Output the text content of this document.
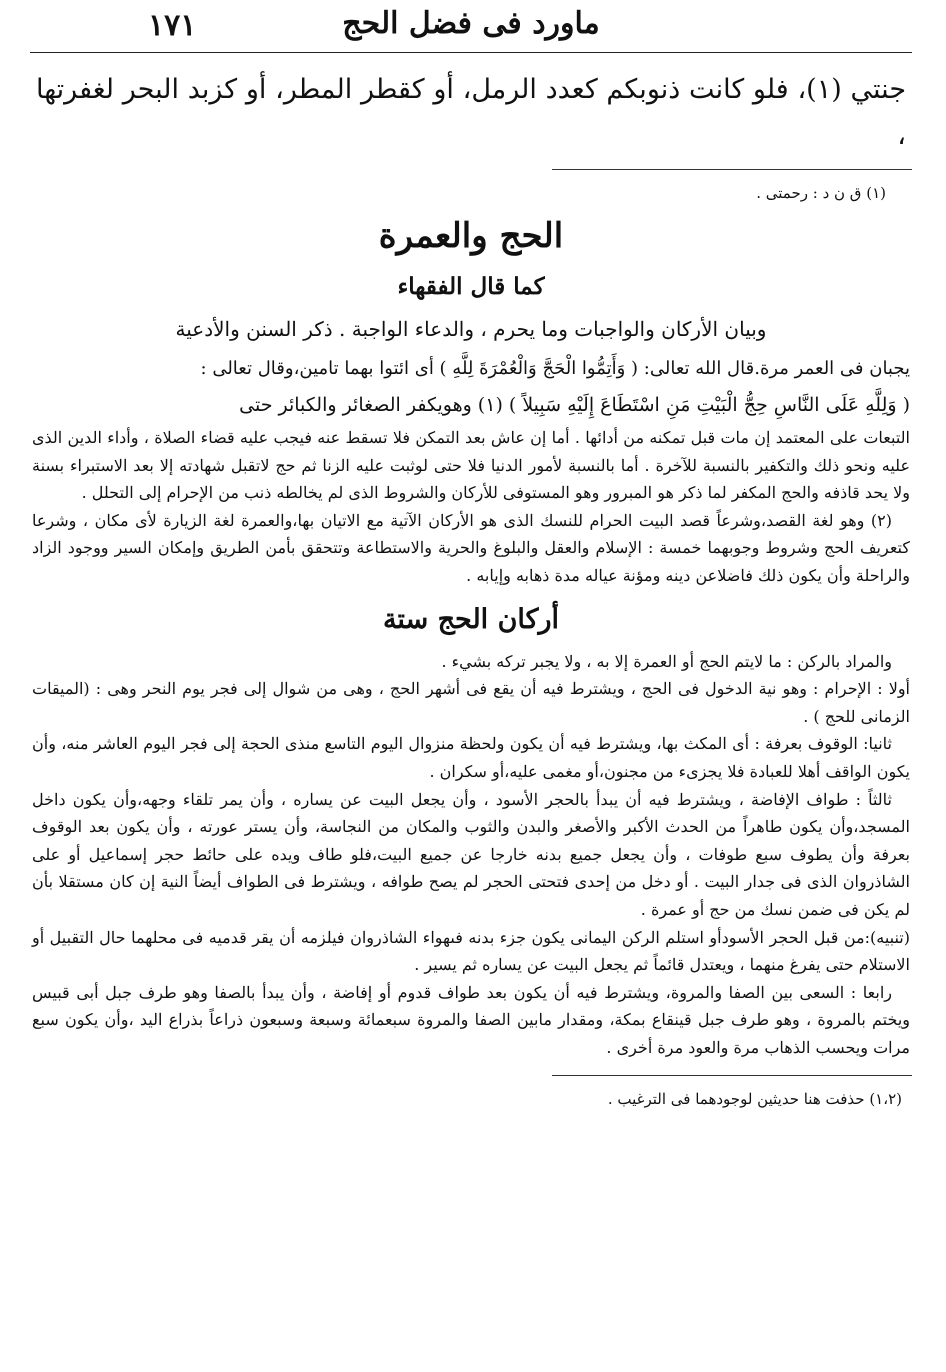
١٧١	ماورد فى فضل الحج
جنتي (١)، فلو كانت ذنوبكم كعدد الرمل، أو كقطر المطر، أو كزبد البحر لغفرتها ،
(١) ق ن د : رحمتى .
الحج والعمرة
كما قال الفقهاء
وبيان الأركان والواجبات وما يحرم ، والدعاء الواجبة . ذكر السنن والأدعية

يجبان فى العمر مرة.قال الله تعالى: ( وَأَتِمُّوا الْحَجَّ وَالْعُمْرَةَ لِلَّهِ ) أى ائتوا بهما تامين،وقال تعالى :

( وَلِلَّهِ عَلَى النَّاسِ حِجُّ الْبَيْتِ مَنِ اسْتَطَاعَ إِلَيْهِ سَبِيلاً ) (١) وهويكفر الصغائر والكبائر حتى

التبعات على المعتمد إن مات قبل تمكنه من أدائها . أما إن عاش بعد التمكن فلا تسقط عنه فيجب عليه قضاء الصلاة ، وأداء الدين الذى عليه ونحو ذلك والتكفير بالنسبة للآخرة . أما بالنسبة لأمور الدنيا فلا حتى لوثبت عليه الزنا ثم حج لاتقبل شهادته إلا بعد الاستبراء بسنة ولا يحد قاذفه والحج المكفر لما ذكر هو المبرور وهو المستوفى للأركان والشروط الذى لم يخالطه ذنب من الإحرام إلى التحلل .

(٢) وهو لغة القصد،وشرعاً قصد البيت الحرام للنسك الذى هو الأركان الآتية مع الاتيان بها،والعمرة لغة الزيارة لأى مكان ، وشرعا كتعريف الحج وشروط وجوبهما خمسة : الإسلام والعقل والبلوغ والحرية والاستطاعة وتتحقق بأمن الطريق وإمكان السير ووجود الزاد والراحلة وأن يكون ذلك فاضلاعن دينه ومؤنة عياله مدة ذهابه وإيابه .

أركان الحج ستة

والمراد بالركن : ما لايتم الحج أو العمرة إلا به ، ولا يجبر تركه بشيء .

أولا : الإحرام : وهو نية الدخول فى الحج ، ويشترط فيه أن يقع فى أشهر الحج ، وهى من شوال إلى فجر يوم النحر وهى : (الميقات الزمانى للحج ) .

ثانيا: الوقوف بعرفة : أى المكث بها، ويشترط فيه أن يكون ولحظة منزوال اليوم التاسع منذى الحجة إلى فجر اليوم العاشر منه، وأن يكون الواقف أهلا للعبادة فلا يجزىء من مجنون،أو مغمى عليه،أو سكران .

ثالثاً : طواف الإفاضة ، ويشترط فيه أن يبدأ بالحجر الأسود ، وأن يجعل البيت عن يساره ، وأن يمر تلقاء وجهه،وأن يكون داخل المسجد،وأن يكون طاهراً من الحدث الأكبر والأصغر والبدن والثوب والمكان من النجاسة، وأن يستر عورته ، وأن يكون بعد الوقوف بعرفة وأن يطوف سبع طوفات ، وأن يجعل جميع بدنه خارجا عن جميع البيت،فلو طاف ويده على حائط حجر إسماعيل أو على الشاذروان الذى فى جدار البيت . أو دخل من إحدى فتحتى الحجر لم يصح طوافه ، ويشترط فى الطواف أيضاً النية إن كان مستقلا بأن لم يكن فى ضمن نسك من حج أو عمرة .

(تنبيه):من قبل الحجر الأسودأو استلم الركن اليمانى يكون جزء بدنه فىهواء الشاذروان فيلزمه أن يقر قدميه فى محلهما حال التقبيل أو الاستلام حتى يفرغ منهما ، ويعتدل قائماً ثم يجعل البيت عن يساره ثم يسير .

رابعا : السعى بين الصفا والمروة، ويشترط فيه أن يكون بعد طواف قدوم أو إفاضة ، وأن يبدأ بالصفا وهو طرف جبل أبى قبيس ويختم بالمروة ، وهو طرف جبل قينقاع بمكة، ومقدار مابين الصفا والمروة سبعمائة وسبعة وسبعون ذراعاً بذراع اليد ،وأن يكون سبع مرات ويحسب الذهاب مرة والعود مرة أخرى .

(١،٢) حذفت هنا حديثين لوجودهما فى الترغيب .
